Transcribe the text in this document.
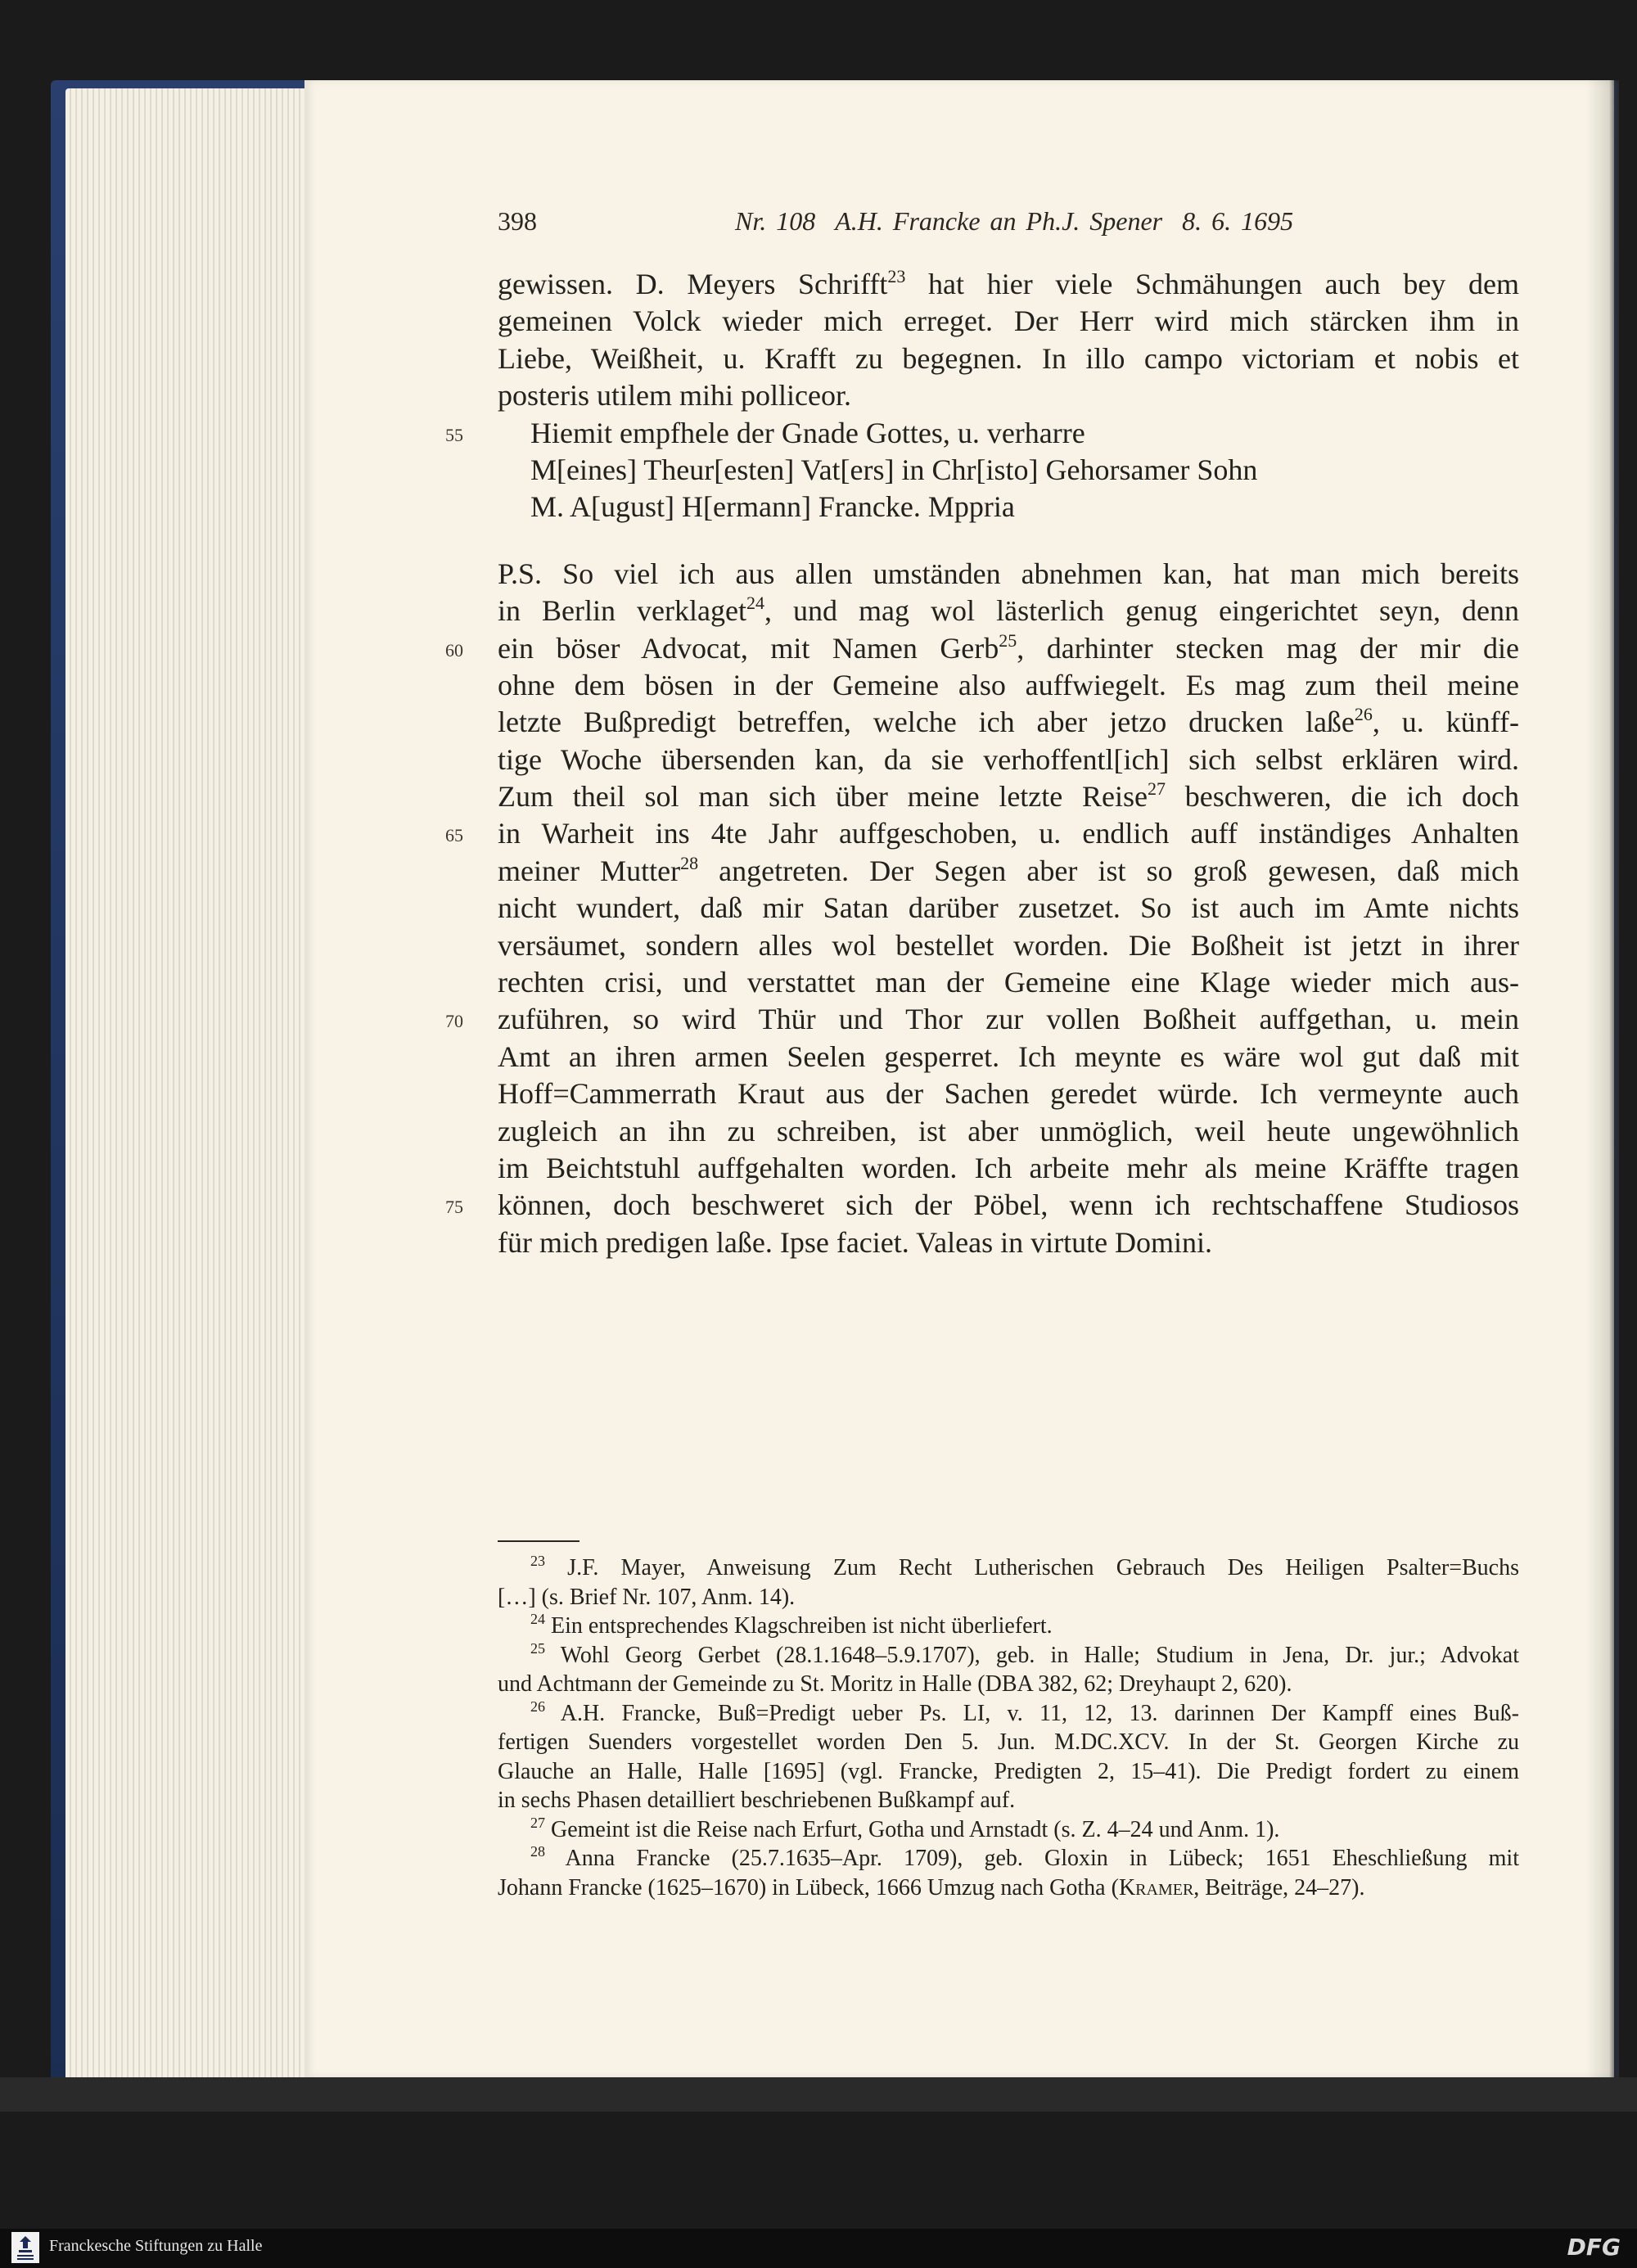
398	Nr. 108 A.H. Francke an Ph.J. Spener 8. 6. 1695
gewissen. D. Meyers Schrifft$^{23}$ hat hier viele Schmähungen auch bey dem
gemeinen Volck wieder mich erreget. Der Herr wird mich stärcken ihm in
Liebe, Weißheit, u. Krafft zu begegnen. In illo campo victoriam et nobis et
posteris utilem mihi polliceor.
55	Hiemit empfhele der Gnade Gottes, u. verharre
M[eines] Theur[esten] Vat[ers] in Chr[isto] Gehorsamer Sohn
M. A[ugust] H[ermann] Francke. Mppria
P.S. So viel ich aus allen umständen abnehmen kan, hat man mich bereits
in Berlin verklaget$^{24}$, und mag wol lästerlich genug eingerichtet seyn, denn
60	ein böser Advocat, mit Namen Gerb$^{25}$, darhinter stecken mag der mir die
ohne dem bösen in der Gemeine also auffwiegelt. Es mag zum theil meine
letzte Bußpredigt betreffen, welche ich aber jetzo drucken laße$^{26}$, u. künff-
tige Woche übersenden kan, da sie verhoffentl[ich] sich selbst erklären wird.
Zum theil sol man sich über meine letzte Reise$^{27}$ beschweren, die ich doch
65	in Warheit ins 4te Jahr auffgeschoben, u. endlich auff inständiges Anhalten
meiner Mutter$^{28}$ angetreten. Der Segen aber ist so groß gewesen, daß mich
nicht wundert, daß mir Satan darüber zusetzet. So ist auch im Amte nichts
versäumet, sondern alles wol bestellet worden. Die Boßheit ist jetzt in ihrer
rechten crisi, und verstattet man der Gemeine eine Klage wieder mich aus-
70	zuführen, so wird Thür und Thor zur vollen Boßheit auffgethan, u. mein
Amt an ihren armen Seelen gesperret. Ich meynte es wäre wol gut daß mit
Hoff=Cammerrath Kraut aus der Sachen geredet würde. Ich vermeynte auch
zugleich an ihn zu schreiben, ist aber unmöglich, weil heute ungewöhnlich
im Beichtstuhl auffgehalten worden. Ich arbeite mehr als meine Kräffte tragen
75	können, doch beschweret sich der Pöbel, wenn ich rechtschaffene Studiosos
für mich predigen laße. Ipse faciet. Valeas in virtute Domini.
$^{23}$ J.F. Mayer, Anweisung Zum Recht Lutherischen Gebrauch Des Heiligen Psalter=Buchs
[…] (s. Brief Nr. 107, Anm. 14).
$^{24}$ Ein entsprechendes Klagschreiben ist nicht überliefert.
$^{25}$ Wohl Georg Gerbet (28.1.1648–5.9.1707), geb. in Halle; Studium in Jena, Dr. jur.; Advokat
und Achtmann der Gemeinde zu St. Moritz in Halle (DBA 382, 62; Dreyhaupt 2, 620).
$^{26}$ A.H. Francke, Buß=Predigt ueber Ps. LI, v. 11, 12, 13. darinnen Der Kampff eines Buß-
fertigen Suenders vorgestellet worden Den 5. Jun. M.DC.XCV. In der St. Georgen Kirche zu
Glauche an Halle, Halle [1695] (vgl. Francke, Predigten 2, 15–41). Die Predigt fordert zu einem
in sechs Phasen detailliert beschriebenen Bußkampf auf.
$^{27}$ Gemeint ist die Reise nach Erfurt, Gotha und Arnstadt (s. Z. 4–24 und Anm. 1).
$^{28}$ Anna Francke (25.7.1635–Apr. 1709), geb. Gloxin in Lübeck; 1651 Eheschließung mit
Johann Francke (1625–1670) in Lübeck, 1666 Umzug nach Gotha (Kramer, Beiträge, 24–27).
Franckesche Stiftungen zu Halle	DFG
